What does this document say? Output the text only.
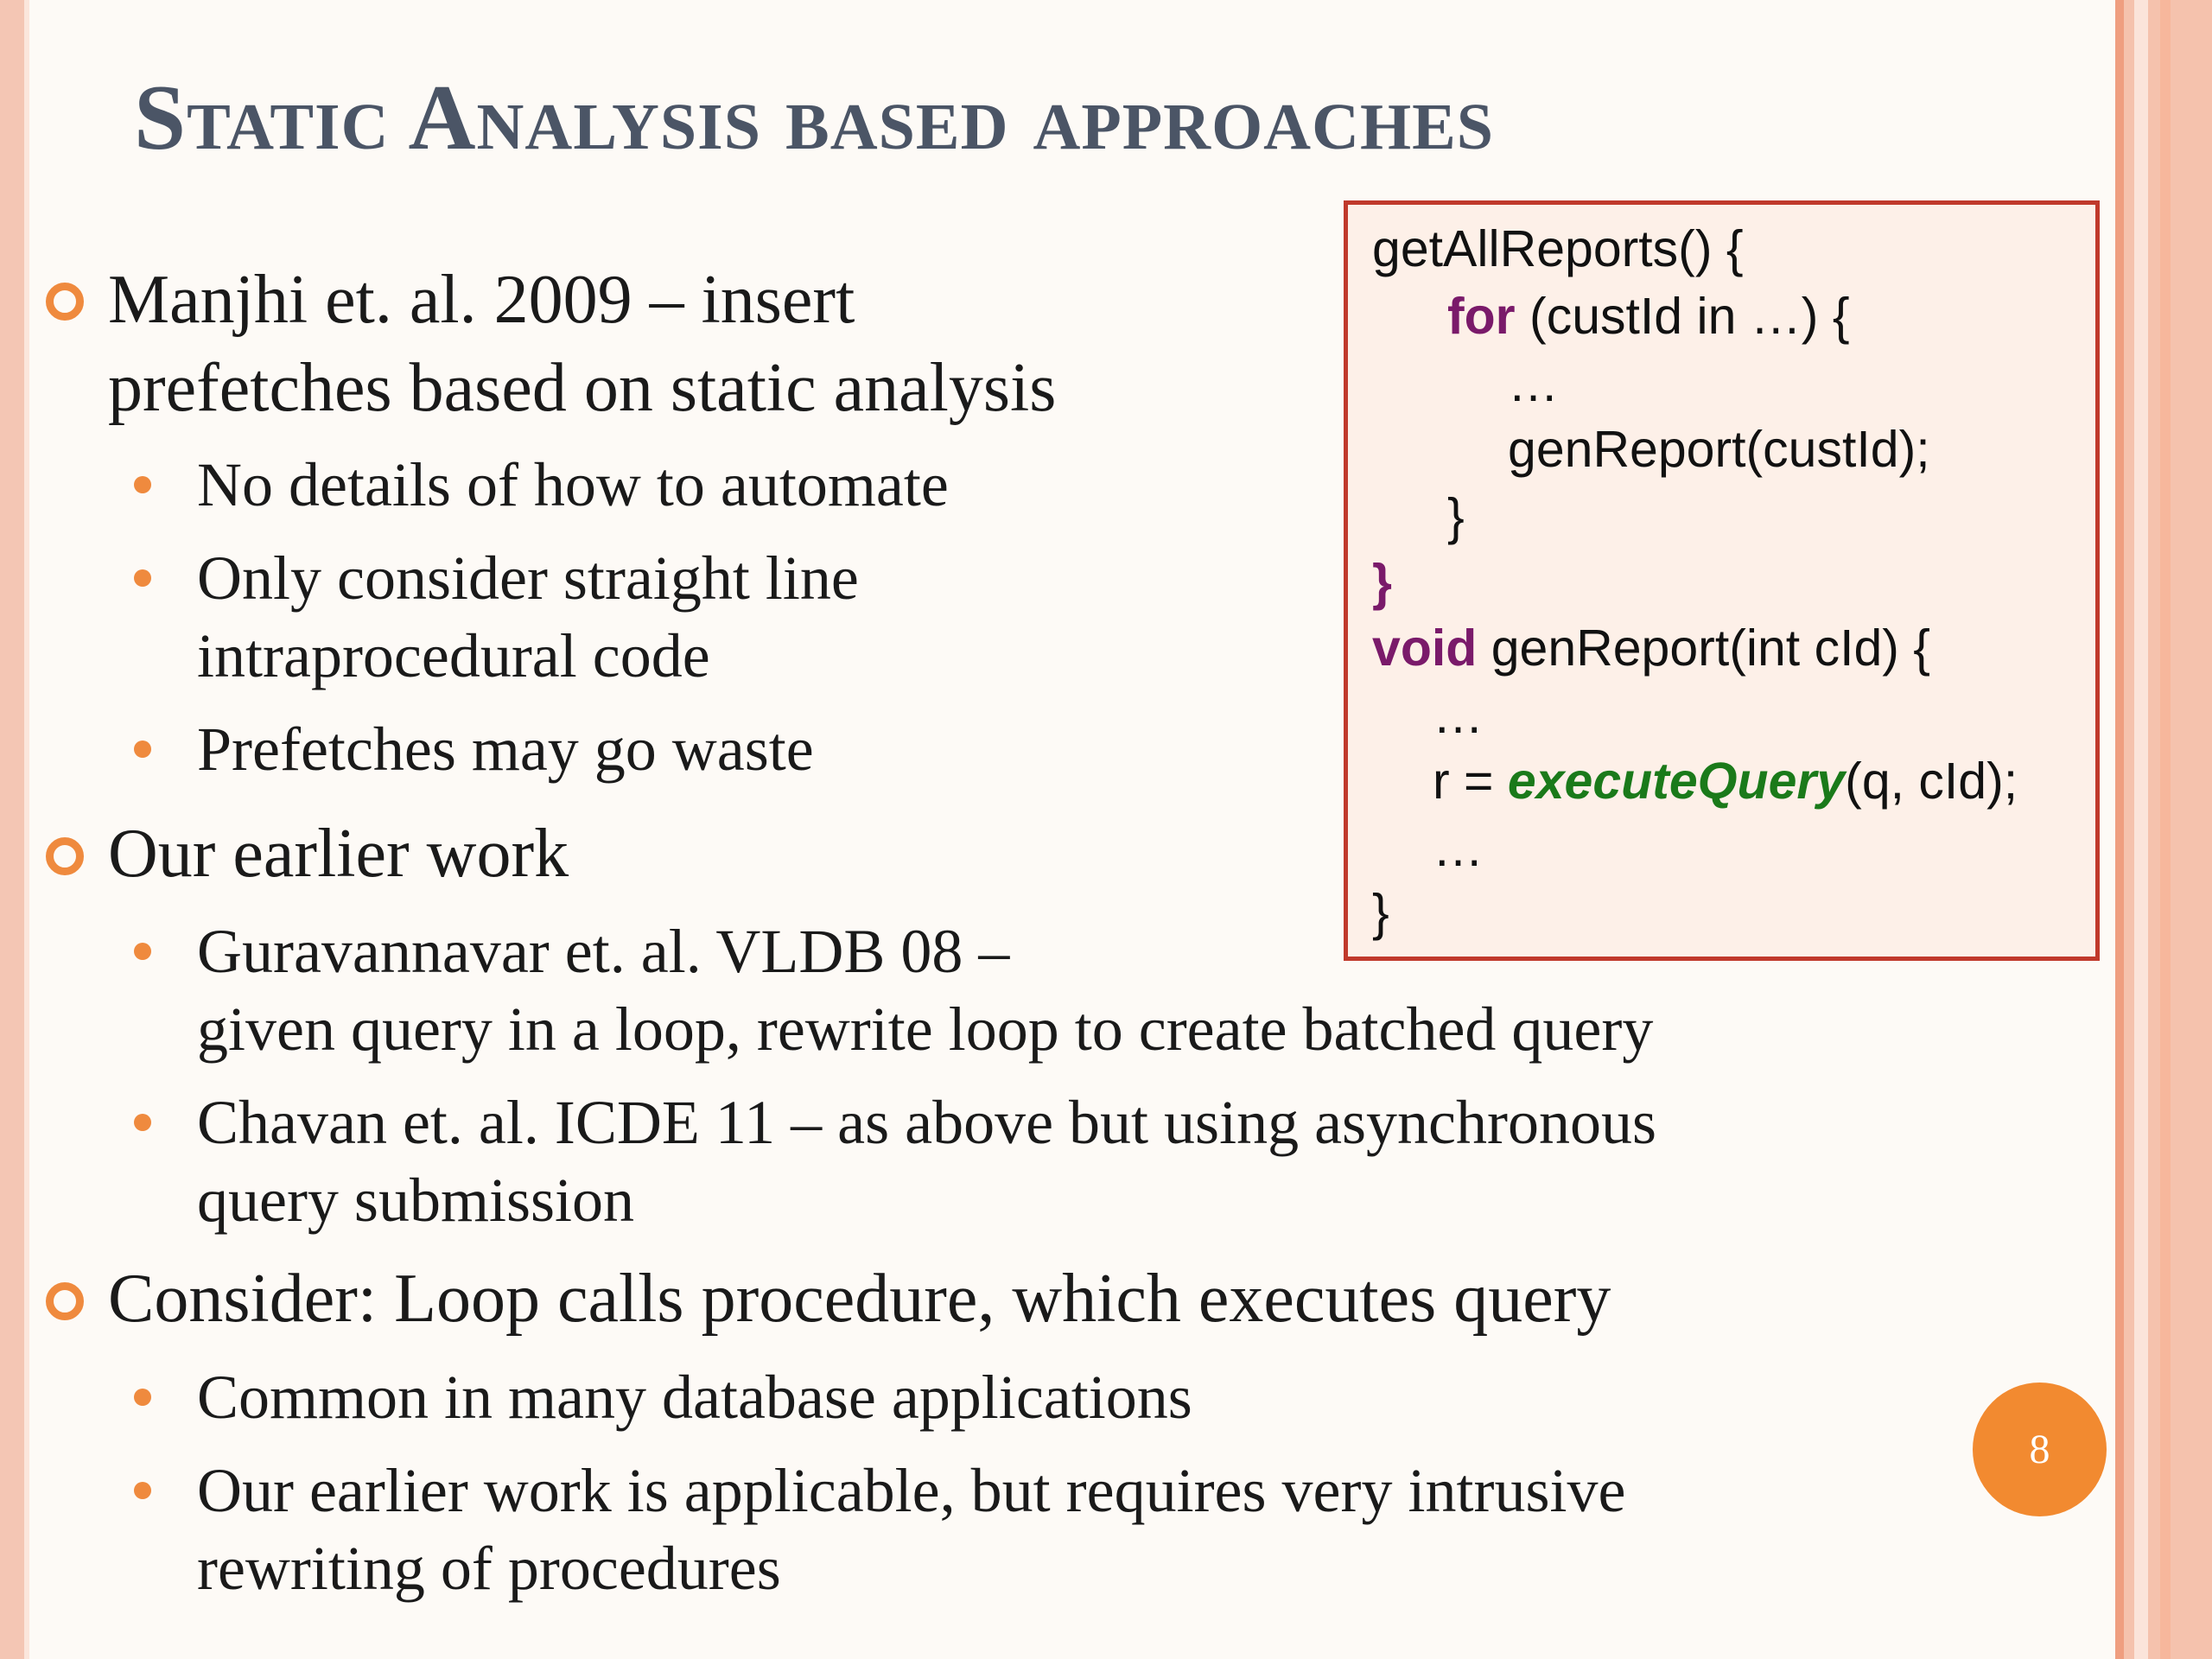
Static Analysis based approaches
Manjhi et. al. 2009 – insert
prefetches based on static analysis
No details of how to automate
Only consider straight line
intraprocedural code
Prefetches may go waste
Our earlier work
Guravannavar et. al. VLDB 08 –
given query in a loop, rewrite loop to create batched query
Chavan et. al. ICDE 11 – as above but using asynchronous
query submission
Consider: Loop calls procedure, which executes query
Common in many database applications
Our earlier work is applicable, but requires very intrusive
rewriting of procedures
getAllReports() {
for (custId in …) {
…
genReport(custId);
}
}
void genReport(int cId) {
…
r = executeQuery(q, cId);
…
}
8
